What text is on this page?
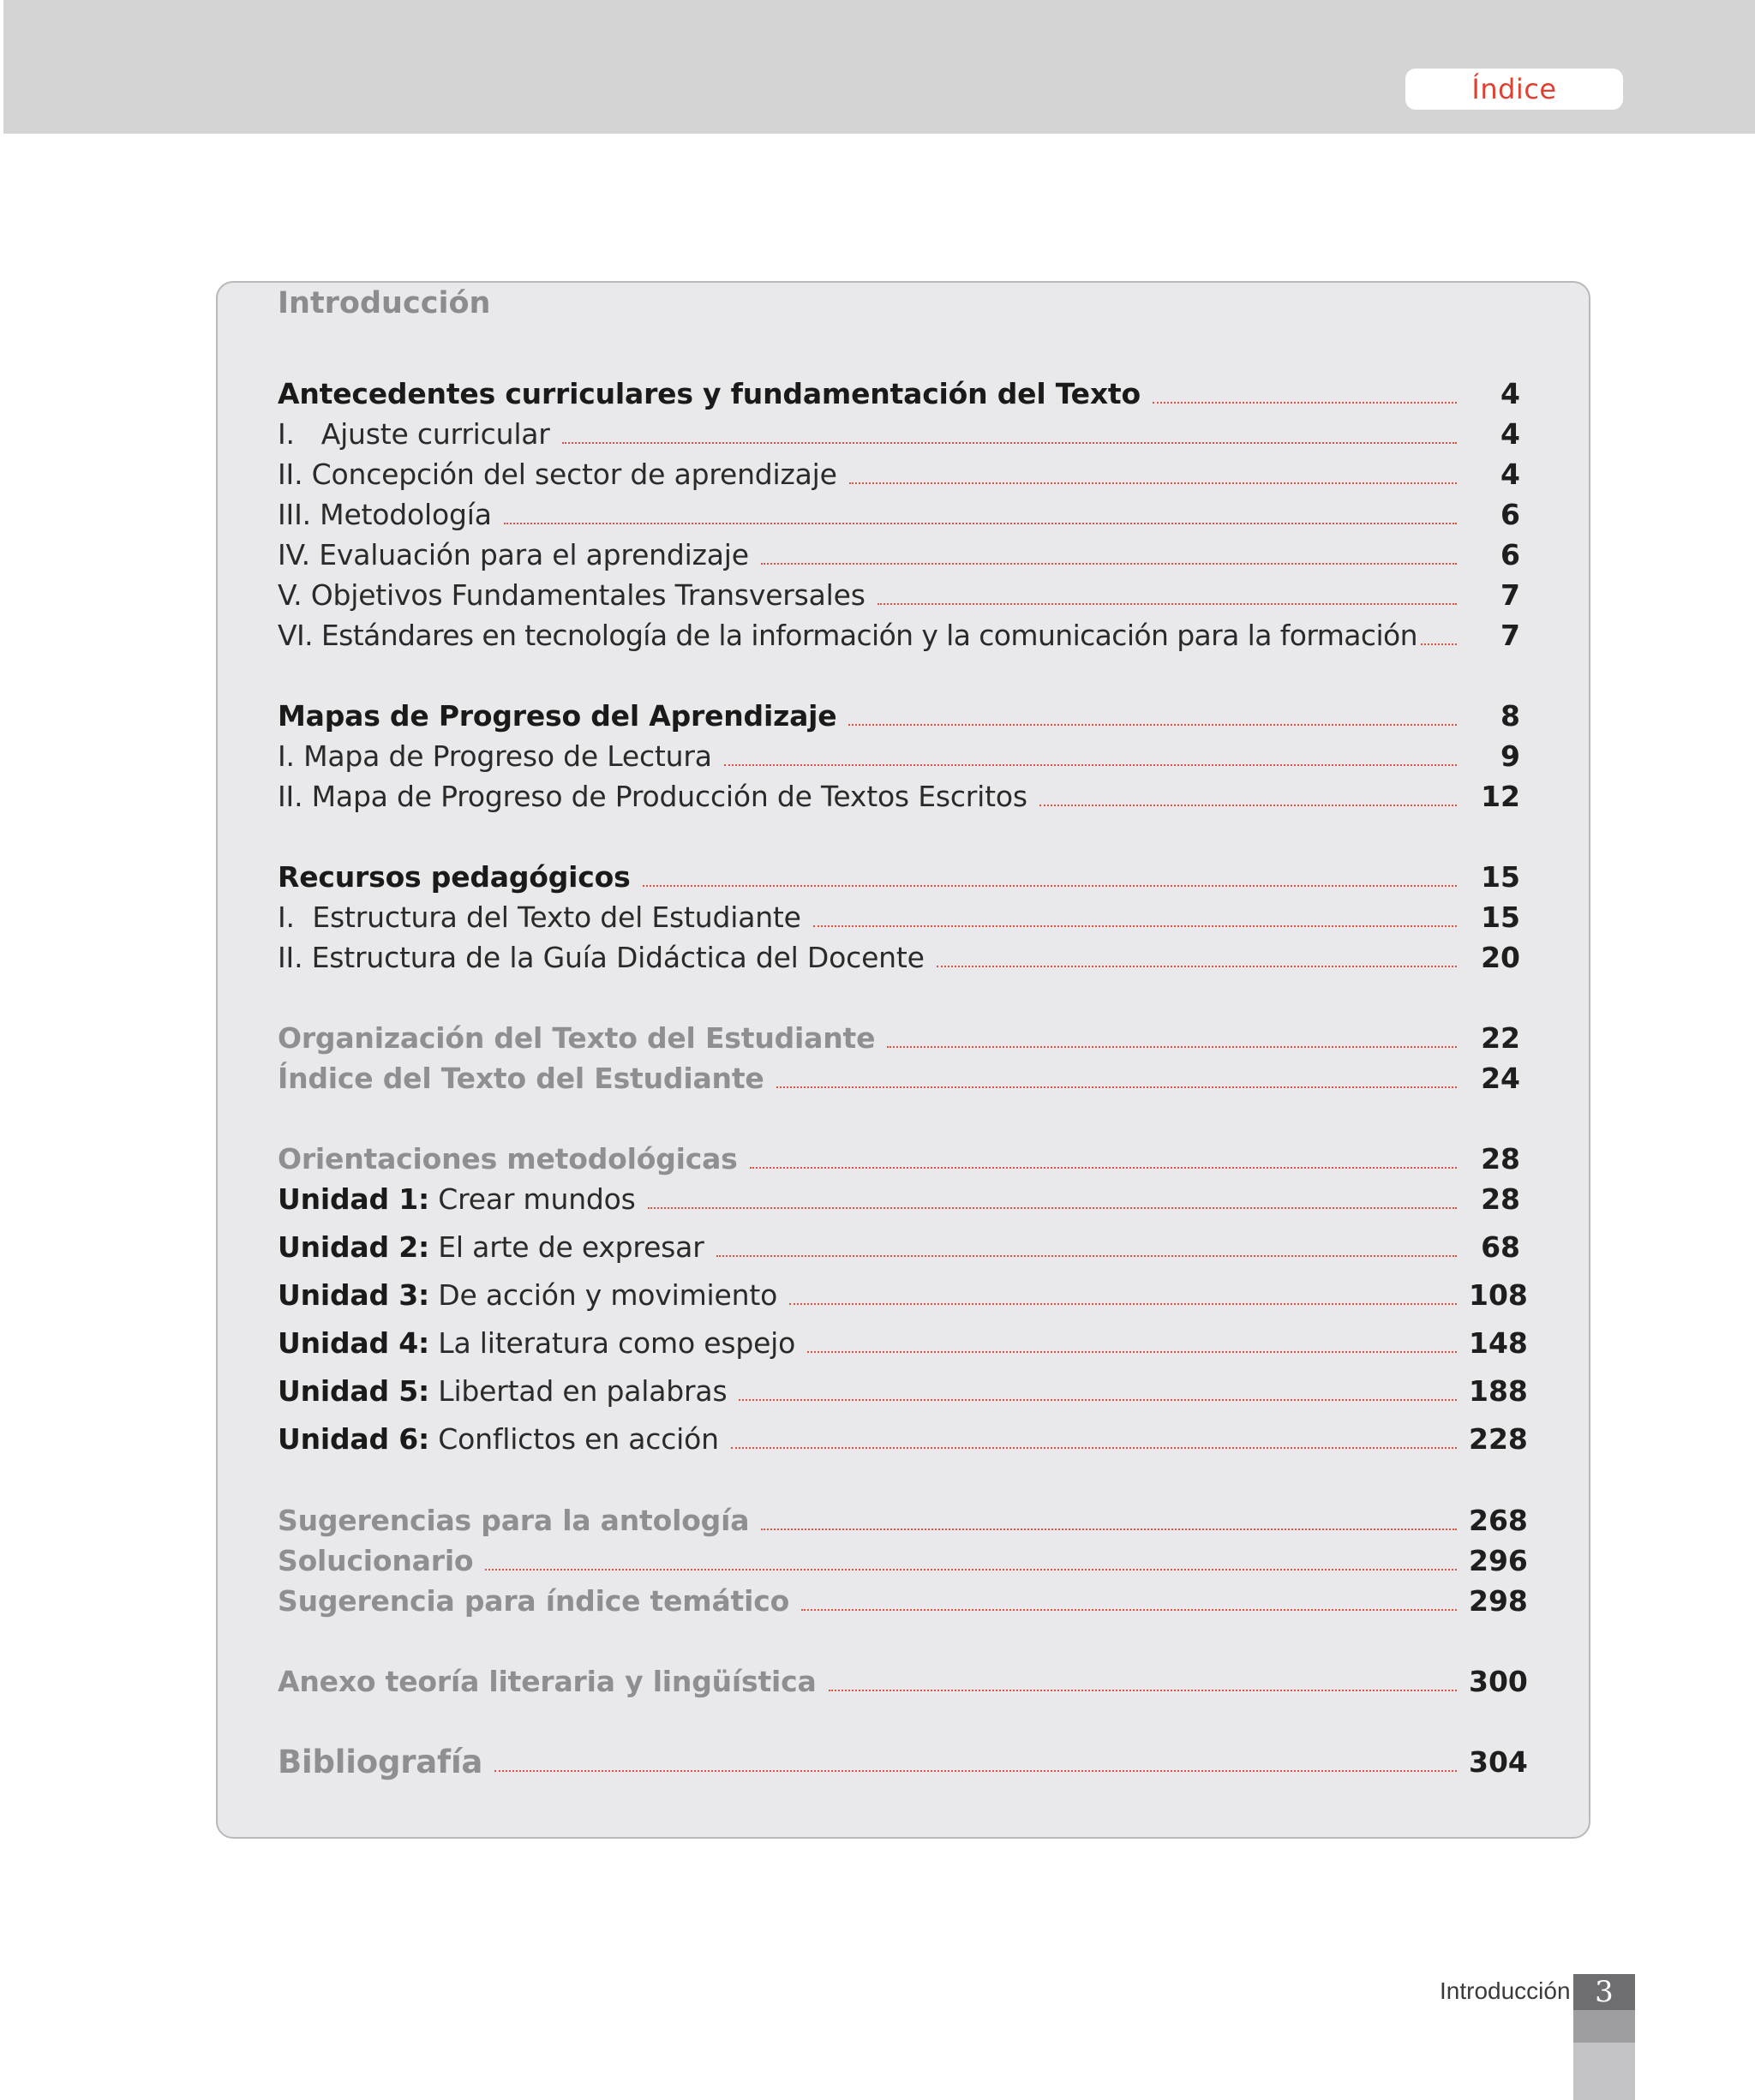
Índice
Introducción
Antecedentes curriculares y fundamentación del Texto	4
I.   Ajuste curricular	4
II. Concepción del sector de aprendizaje	4
III. Metodología	6
IV. Evaluación para el aprendizaje	6
V. Objetivos Fundamentales Transversales	7
VI. Estándares en tecnología de la información y la comunicación para la formación	7
Mapas de Progreso del Aprendizaje	8
I. Mapa de Progreso de Lectura	9
II. Mapa de Progreso de Producción de Textos Escritos	12
Recursos pedagógicos	15
I.  Estructura del Texto del Estudiante	15
II. Estructura de la Guía Didáctica del Docente	20
Organización del Texto del Estudiante	22
Índice del Texto del Estudiante	24
Orientaciones metodológicas	28
Unidad 1: Crear mundos	28
Unidad 2: El arte de expresar	68
Unidad 3: De acción y movimiento	108
Unidad 4: La literatura como espejo	148
Unidad 5: Libertad en palabras	188
Unidad 6: Conflictos en acción	228
Sugerencias para la antología	268
Solucionario	296
Sugerencia para índice temático	298
Anexo teoría literaria y lingüística	300
Bibliografía	304
Introducción 3
